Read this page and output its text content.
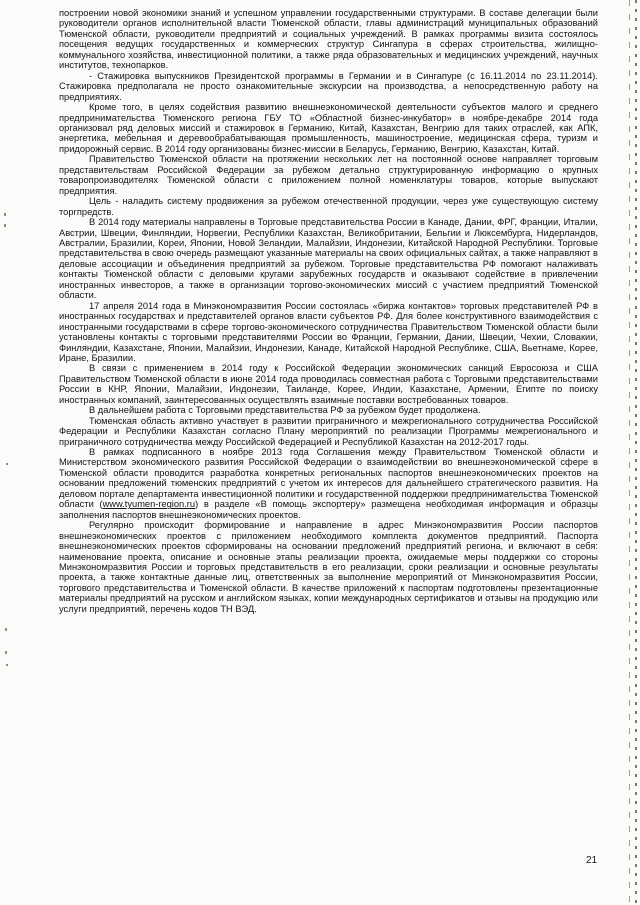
построении новой экономики знаний и успешном управлении государственными структурами. В составе делегации были руководители органов исполнительной власти Тюменской области, главы администраций муниципальных образований Тюменской области, руководители предприятий и социальных учреждений. В рамках программы визита состоялось посещения ведущих государственных и коммерческих структур Сингапура в сферах строительства, жилищно-коммунального хозяйства, инвестиционной политики, а также ряда образовательных и медицинских учреждений, научных институтов, технопарков.

- Стажировка выпускников Президентской программы в Германии и в Сингапуре (с 16.11.2014 по 23.11.2014). Стажировка предполагала не просто ознакомительные экскурсии на производства, а непосредственную работу на предприятиях.

Кроме того, в целях содействия развитию внешнеэкономической деятельности субъектов малого и среднего предпринимательства Тюменского региона ГБУ ТО «Областной бизнес-инкубатор» в ноябре-декабре 2014 года организовал ряд деловых миссий и стажировок в Германию, Китай, Казахстан, Венгрию для таких отраслей, как АПК, энергетика, мебельная и деревообрабатывающая промышленность, машиностроение, медицинская сфера, туризм и придорожный сервис. В 2014 году организованы бизнес-миссии в Беларусь, Германию, Венгрию, Казахстан, Китай.

Правительство Тюменской области на протяжении нескольких лет на постоянной основе направляет торговым представительствам Российской Федерации за рубежом детально структурированную информацию о крупных товаропроизводителях Тюменской области с приложением полной номенклатуры товаров, которые выпускают предприятия.

Цель - наладить систему продвижения за рубежом отечественной продукции, через уже существующую систему торгпредств.

В 2014 году материалы направлены в Торговые представительства России в Канаде, Дании, ФРГ, Франции, Италии, Австрии, Швеции, Финляндии, Норвегии, Республики Казахстан, Великобритании, Бельгии и Люксембурга, Нидерландов, Австралии, Бразилии, Кореи, Японии, Новой Зеландии, Малайзии, Индонезии, Китайской Народной Республики. Торговые представительства в свою очередь размещают указанные материалы на своих официальных сайтах, а также направляют в деловые ассоциации и объединения предприятий за рубежом. Торговые представительства РФ помогают налаживать контакты Тюменской области с деловыми кругами зарубежных государств и оказывают содействие в привлечении иностранных инвесторов, а также в организации торгово-экономических миссий с участием предприятий Тюменской области.

17 апреля 2014 года в Минэкономразвития России состоялась «биржа контактов» торговых представителей РФ в иностранных государствах и представителей органов власти субъектов РФ. Для более конструктивного взаимодействия с иностранными государствами в сфере торгово-экономического сотрудничества Правительством Тюменской области были установлены контакты с торговыми представителями России во Франции, Германии, Дании, Швеции, Чехии, Словакии, Финляндии, Казахстане, Японии, Малайзии, Индонезии, Канаде, Китайской Народной Республике, США, Вьетнаме, Корее, Иране, Бразилии.

В связи с применением в 2014 году к Российской Федерации экономических санкций Евросоюза и США Правительством Тюменской области в июне 2014 года проводилась совместная работа с Торговыми представительствами России в КНР, Японии, Малайзии, Индонезии, Таиланде, Корее, Индии, Казахстане, Армении, Египте по поиску иностранных компаний, заинтересованных осуществлять взаимные поставки востребованных товаров.

В дальнейшем работа с Торговыми представительства РФ за рубежом будет продолжена.

Тюменская область активно участвует в развитии приграничного и межрегионального сотрудничества Российской Федерации и Республики Казахстан согласно Плану мероприятий по реализации Программы межрегионального и приграничного сотрудничества между Российской Федерацией и Республикой Казахстан на 2012-2017 годы.

В рамках подписанного в ноябре 2013 года Соглашения между Правительством Тюменской области и Министерством экономического развития Российской Федерации о взаимодействии во внешнеэкономической сфере в Тюменской области проводится разработка конкретных региональных паспортов внешнеэкономических проектов на основании предложений тюменских предприятий с учетом их интересов для дальнейшего стратегического развития. На деловом портале департамента инвестиционной политики и государственной поддержки предпринимательства Тюменской области (www.tyumen-region.ru) в разделе «В помощь экспортеру» размещена необходимая информация и образцы заполнения паспортов внешнеэкономических проектов.

Регулярно происходит формирование и направление в адрес Минэкономразвития России паспортов внешнеэкономических проектов с приложением необходимого комплекта документов предприятий. Паспорта внешнеэкономических проектов сформированы на основании предложений предприятий региона, и включают в себя: наименование проекта, описание и основные этапы реализации проекта, ожидаемые меры поддержки со стороны Минэкономразвития России и торговых представительств в его реализации, сроки реализации и основные результаты проекта, а также контактные данные лиц, ответственных за выполнение мероприятий от Минэкономразвития России, торгового представительства и Тюменской области. В качестве приложений к паспортам подготовлены презентационные материалы предприятий на русском и английском языках, копии международных сертификатов и отзывы на продукцию или услуги предприятий, перечень кодов ТН ВЭД.

21
